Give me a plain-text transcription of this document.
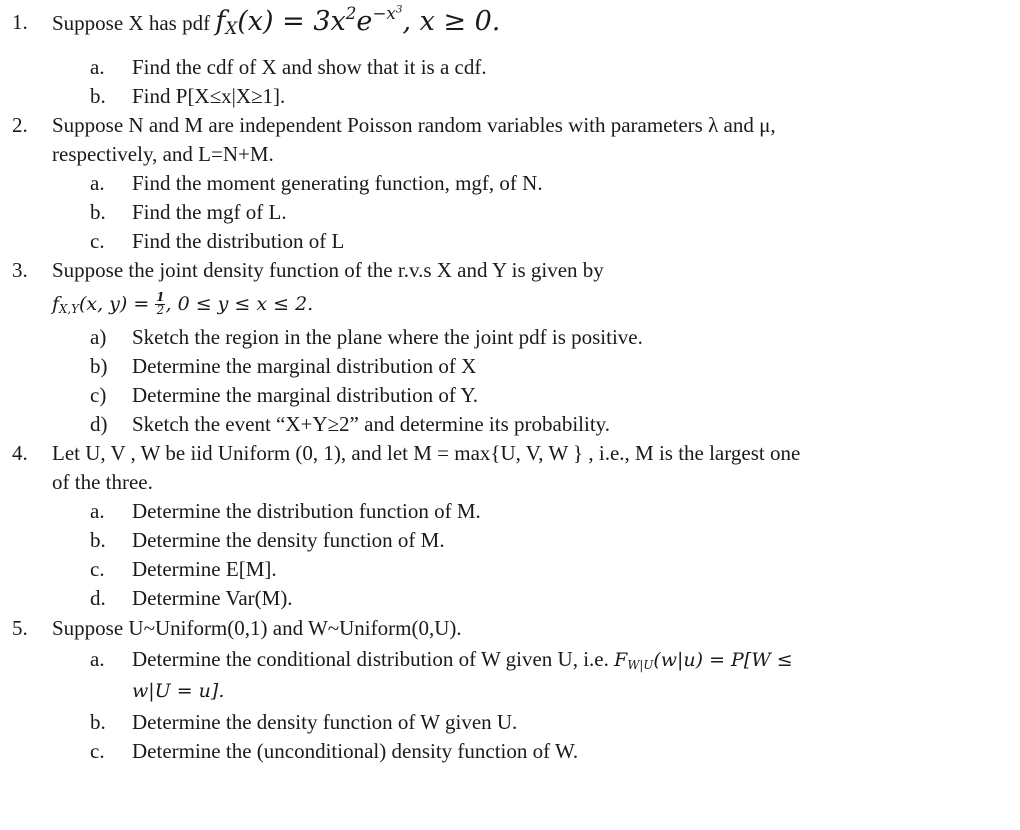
1. Suppose X has pdf $f_X(x) = 3x^2e^{-x^3}$, x ≥ 0.
a. Find the cdf of X and show that it is a cdf.
b. Find P[X≤x|X≥1].
2. Suppose N and M are independent Poisson random variables with parameters λ and μ,
respectively, and L=N+M.
a. Find the moment generating function, mgf, of N.
b. Find the mgf of L.
c. Find the distribution of L
3. Suppose the joint density function of the r.v.s X and Y is given by
$f_{X,Y}(x$, $y) = \frac{1}{2}$ , 0 ≤ y ≤ x ≤ 2.
a) Sketch the region in the plane where the joint pdf is positive.
b) Determine the marginal distribution of X
c) Determine the marginal distribution of Y.
d) Sketch the event “X+Y≥2” and determine its probability.
4. Let U, V , W be iid Uniform (0, 1), and let M = max{U, V, W } , i.e., M is the largest one
of the three.
a. Determine the distribution function of M.
b. Determine the density function of M.
c. Determine E[M].
d. Determine Var(M).
5. Suppose U~Uniform(0,1) and W~Uniform(0,U).
a. Determine the conditional distribution of W given U, i.e. $F_{W|U}(w|u) = P[W$ ≤
w|U = u].
b. Determine the density function of W given U.
c. Determine the (unconditional) density function of W.
